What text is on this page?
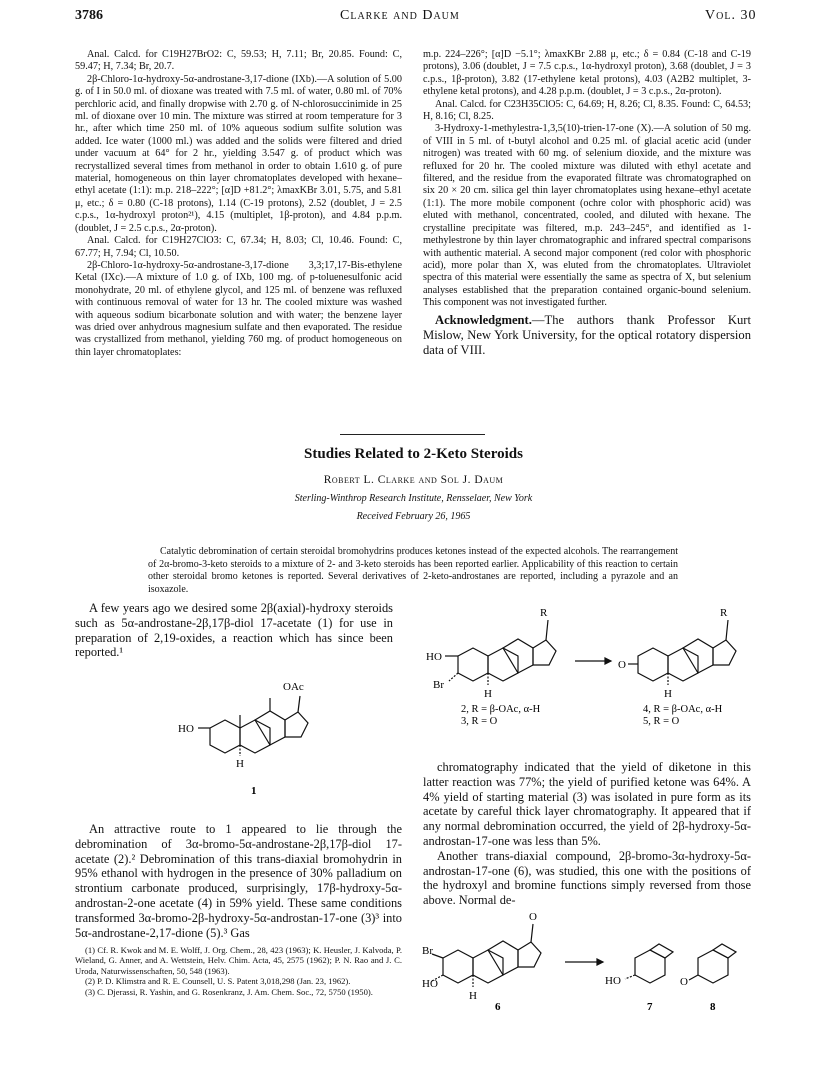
3786	Clarke and Daum	Vol. 30

Anal. Calcd. for C19H27BrO2: C, 59.53; H, 7.11; Br, 20.85. Found: C, 59.47; H, 7.34; Br, 20.7.

2β-Chloro-1α-hydroxy-5α-androstane-3,17-dione (IXb).—A solution of 5.00 g. of I in 50.0 ml. of dioxane was treated with 7.5 ml. of water, 0.80 ml. of 70% perchloric acid, and finally dropwise with 2.70 g. of N-chlorosuccinimide in 25 ml. of dioxane over 10 min. The mixture was stirred at room temperature for 3 hr., after which time 250 ml. of 10% aqueous sodium sulfite solution was added. Ice water (1000 ml.) was added and the solids were filtered and dried under vacuum at 64° for 2 hr., yielding 3.547 g. of product which was recrystallized several times from methanol in order to obtain 1.610 g. of pure material, homogeneous on thin layer chromatoplates developed with hexane–ethyl acetate (1:1): m.p. 218–222°; [α]D +81.2°; λmaxKBr 3.01, 5.75, and 5.81 μ, etc.; δ = 0.80 (C-18 protons), 1.14 (C-19 protons), 2.52 (doublet, J = 2.5 c.p.s., 1α-hydroxyl proton²¹), 4.15 (multiplet, 1β-proton), and 4.84 p.p.m. (doublet, J = 2.5 c.p.s., 2α-proton).

Anal. Calcd. for C19H27ClO3: C, 67.34; H, 8.03; Cl, 10.46. Found: C, 67.77; H, 7.94; Cl, 10.50.

2β-Chloro-1α-hydroxy-5α-androstane-3,17-dione 3,3;17,17-Bis-ethylene Ketal (IXc).—A mixture of 1.0 g. of IXb, 100 mg. of p-toluenesulfonic acid monohydrate, 20 ml. of ethylene glycol, and 125 ml. of benzene was refluxed with continuous removal of water for 13 hr. The cooled mixture was washed with aqueous sodium bicarbonate solution and with water; the benzene layer was dried over anhydrous magnesium sulfate and then evaporated. The residue was crystallized from methanol, yielding 760 mg. of product homogeneous on thin layer chromatoplates:

m.p. 224–226°; [α]D −5.1°; λmaxKBr 2.88 μ, etc.; δ = 0.84 (C-18 and C-19 protons), 3.06 (doublet, J = 7.5 c.p.s., 1α-hydroxyl proton), 3.68 (doublet, J = 3 c.p.s., 1β-proton), 3.82 (17-ethylene ketal protons), 4.03 (A2B2 multiplet, 3-ethylene ketal protons), and 4.28 p.p.m. (doublet, J = 3 c.p.s., 2α-proton).

Anal. Calcd. for C23H35ClO5: C, 64.69; H, 8.26; Cl, 8.35. Found: C, 64.53; H, 8.16; Cl, 8.25.

3-Hydroxy-1-methylestra-1,3,5(10)-trien-17-one (X).—A solution of 50 mg. of VIII in 5 ml. of t-butyl alcohol and 0.25 ml. of glacial acetic acid (under nitrogen) was treated with 60 mg. of selenium dioxide, and the mixture was refluxed for 20 hr. The cooled mixture was diluted with ethyl acetate and filtered, and the residue from the evaporated filtrate was chromatographed on six 20 × 20 cm. silica gel thin layer chromatoplates using hexane–ethyl acetate (1:1). The more mobile component (ochre color with phosphoric acid) was eluted with methanol, concentrated, cooled, and diluted with hexane. The crystalline precipitate was filtered, m.p. 243–245°, and identified as 1-methylestrone by thin layer chromatographic and infrared spectral comparisons with authentic material. A second major component (red color with phosphoric acid), more polar than X, was eluted from the chromatoplates. Ultraviolet spectra of this material were essentially the same as spectra of X, but selenium analyses established that the preparation contained organic-bound selenium. This component was not investigated further.

Acknowledgment.—The authors thank Professor Kurt Mislow, New York University, for the optical rotatory dispersion data of VIII.

Studies Related to 2-Keto Steroids
Robert L. Clarke and Sol J. Daum
Sterling-Winthrop Research Institute, Rensselaer, New York
Received February 26, 1965

Catalytic debromination of certain steroidal bromohydrins produces ketones instead of the expected alcohols. The rearrangement of 2α-bromo-3-keto steroids to a mixture of 2- and 3-keto steroids has been reported earlier. Applicability of this reaction to certain other steroidal bromo ketones is reported. Several derivatives of 2-keto-androstanes are reported, including a pyrazole and an isoxazole.

A few years ago we desired some 2β(axial)-hydroxy steroids such as 5α-androstane-2β,17β-diol 17-acetate (1) for use in preparation of 2,19-oxides, a reaction which has since been reported.¹

OAc
HO
H
1

An attractive route to 1 appeared to lie through the debromination of 3α-bromo-5α-androstane-2β,17β-diol 17-acetate (2).² Debromination of this trans-diaxial bromohydrin in 95% ethanol with hydrogen in the presence of 30% palladium on strontium carbonate produced, surprisingly, 17β-hydroxy-5α-androstan-2-one acetate (4) in 59% yield. These same conditions transformed 3α-bromo-2β-hydroxy-5α-androstan-17-one (3)³ into 5α-androstane-2,17-dione (5).³ Gas

(1) Cf. R. Kwok and M. E. Wolff, J. Org. Chem., 28, 423 (1963); K. Heusler, J. Kalvoda, P. Wieland, G. Anner, and A. Wettstein, Helv. Chim. Acta, 45, 2575 (1962); P. N. Rao and J. C. Uroda, Naturwissenschaften, 50, 548 (1963).

(2) P. D. Klimstra and R. E. Counsell, U. S. Patent 3,018,298 (Jan. 23, 1962).

(3) C. Djerassi, R. Yashin, and G. Rosenkranz, J. Am. Chem. Soc., 72, 5750 (1950).

R	R
HO
Br
O
H	H
2, R = β-OAc, α-H
3, R = O
4, R = β-OAc, α-H
5, R = O

chromatography indicated that the yield of diketone in this latter reaction was 77%; the yield of purified ketone was 64%. A 4% yield of starting material (3) was isolated in pure form as its acetate by careful thick layer chromatography. It appeared that if any normal debromination occurred, the yield of 2β-hydroxy-5α-androstan-17-one was less than 5%.

Another trans-diaxial compound, 2β-bromo-3α-hydroxy-5α-androstan-17-one (6), was studied, this one with the positions of the hydroxyl and bromine functions simply reversed from those above. Normal de-

O
Br
HO
H
6
HO
7
O
8
